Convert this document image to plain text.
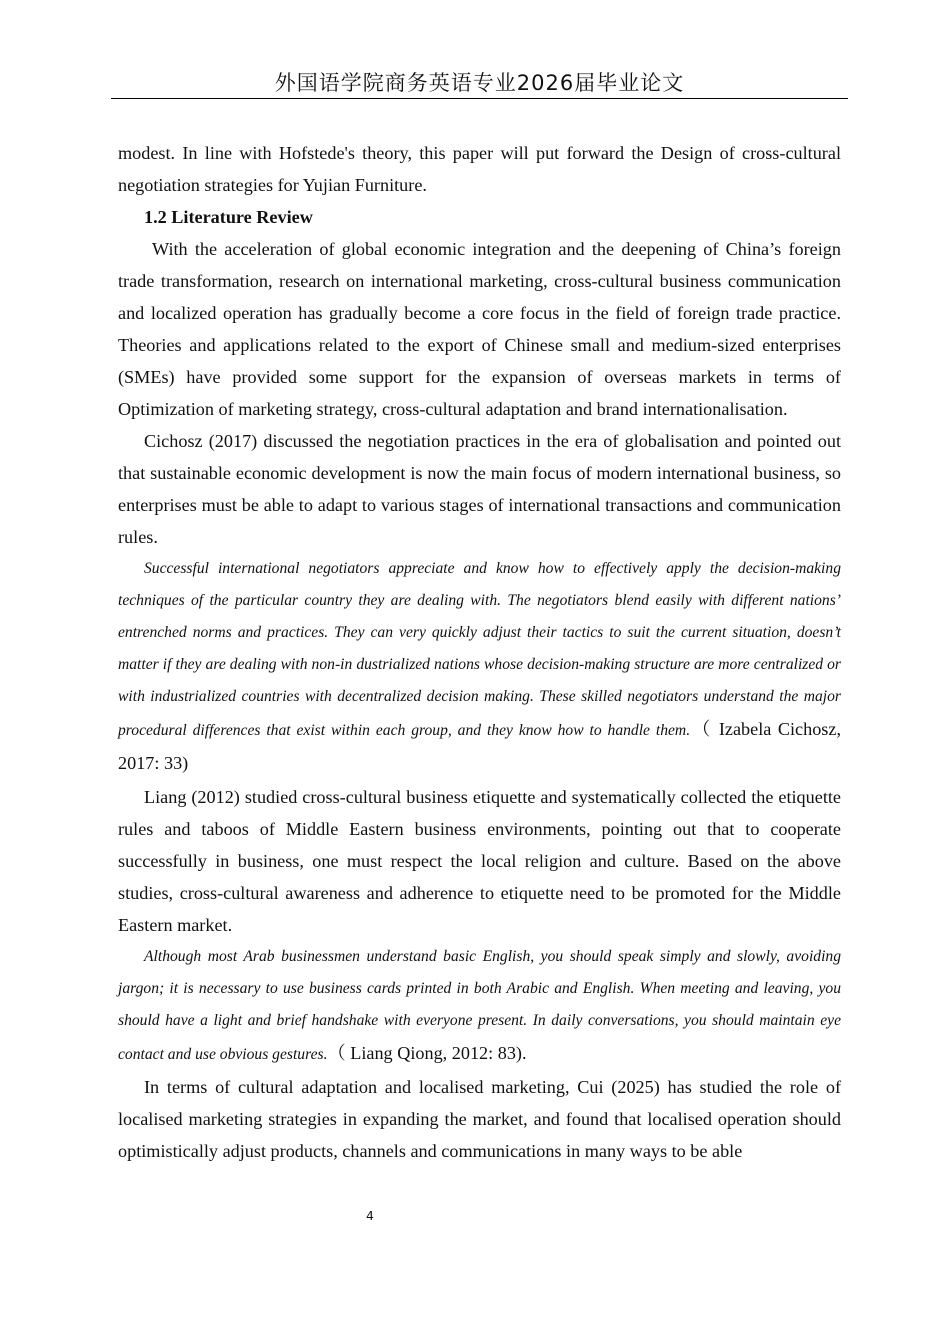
外国语学院商务英语专业2026届毕业论文

modest. In line with Hofstede's theory, this paper will put forward the Design of cross-cultural negotiation strategies for Yujian Furniture.

1.2 Literature Review

With the acceleration of global economic integration and the deepening of China’s foreign trade transformation, research on international marketing, cross-cultural business communication and localized operation has gradually become a core focus in the field of foreign trade practice. Theories and applications related to the export of Chinese small and medium-sized enterprises (SMEs) have provided some support for the expansion of overseas markets in terms of Optimization of marketing strategy, cross-cultural adaptation and brand internationalisation.

Cichosz (2017) discussed the negotiation practices in the era of globalisation and pointed out that sustainable economic development is now the main focus of modern international business, so enterprises must be able to adapt to various stages of international transactions and communication rules.

Successful international negotiators appreciate and know how to effectively apply the decision-making techniques of the particular country they are dealing with. The negotiators blend easily with different nations’ entrenched norms and practices. They can very quickly adjust their tactics to suit the current situation, doesn’t matter if they are dealing with non-in dustrialized nations whose decision-making structure are more centralized or with industrialized countries with decentralized decision making. These skilled negotiators understand the major procedural differences that exist within each group, and they know how to handle them.（ Izabela Cichosz, 2017: 33)

Liang (2012) studied cross-cultural business etiquette and systematically collected the etiquette rules and taboos of Middle Eastern business environments, pointing out that to cooperate successfully in business, one must respect the local religion and culture. Based on the above studies, cross-cultural awareness and adherence to etiquette need to be promoted for the Middle Eastern market.

Although most Arab businessmen understand basic English, you should speak simply and slowly, avoiding jargon; it is necessary to use business cards printed in both Arabic and English. When meeting and leaving, you should have a light and brief handshake with everyone present. In daily conversations, you should maintain eye contact and use obvious gestures.（ Liang Qiong, 2012: 83).

In terms of cultural adaptation and localised marketing, Cui (2025) has studied the role of localised marketing strategies in expanding the market, and found that localised operation should optimistically adjust products, channels and communications in many ways to be able

4
